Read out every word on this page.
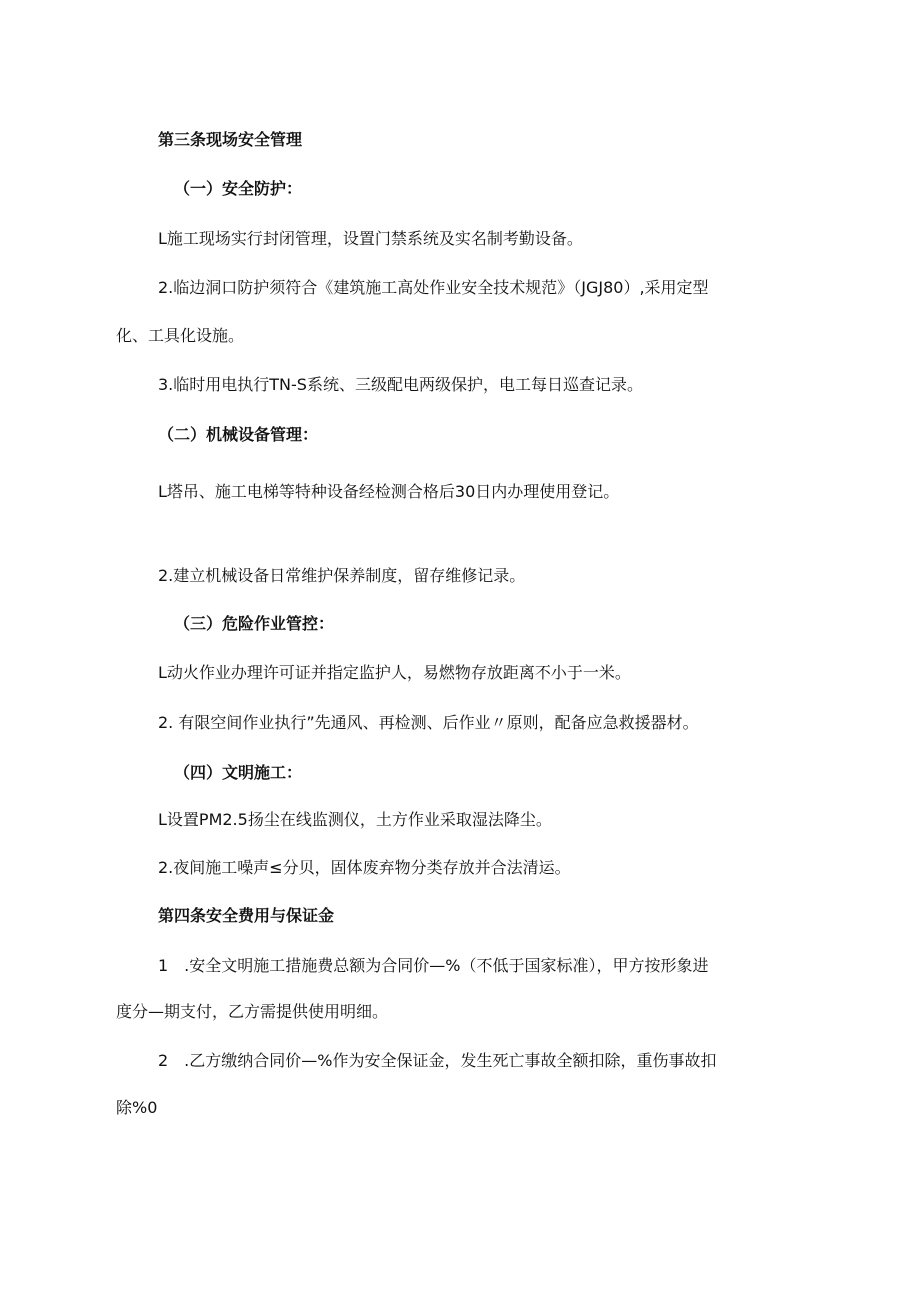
第三条现场安全管理
（一）安全防护：
L施工现场实行封闭管理，设置门禁系统及实名制考勤设备。
2.临边洞口防护须符合《建筑施工高处作业安全技术规范》（JGJ80）,采用定型
化、工具化设施。
3.临时用电执行TN-S系统、三级配电两级保护，电工每日巡查记录。
（二）机械设备管理：
L塔吊、施工电梯等特种设备经检测合格后30日内办理使用登记。
2.建立机械设备日常维护保养制度，留存维修记录。
（三）危险作业管控：
L动火作业办理许可证并指定监护人，易燃物存放距离不小于一米。
2. 有限空间作业执行”先通风、再检测、后作业〃原则，配备应急救援器材。
（四）文明施工：
L设置PM2.5扬尘在线监测仪，土方作业采取湿法降尘。
2.夜间施工噪声≤分贝，固体废弃物分类存放并合法清运。
第四条安全费用与保证金
1　.安全文明施工措施费总额为合同价—%（不低于国家标准），甲方按形象进
度分—期支付，乙方需提供使用明细。
2　.乙方缴纳合同价—%作为安全保证金，发生死亡事故全额扣除，重伤事故扣
除%0
